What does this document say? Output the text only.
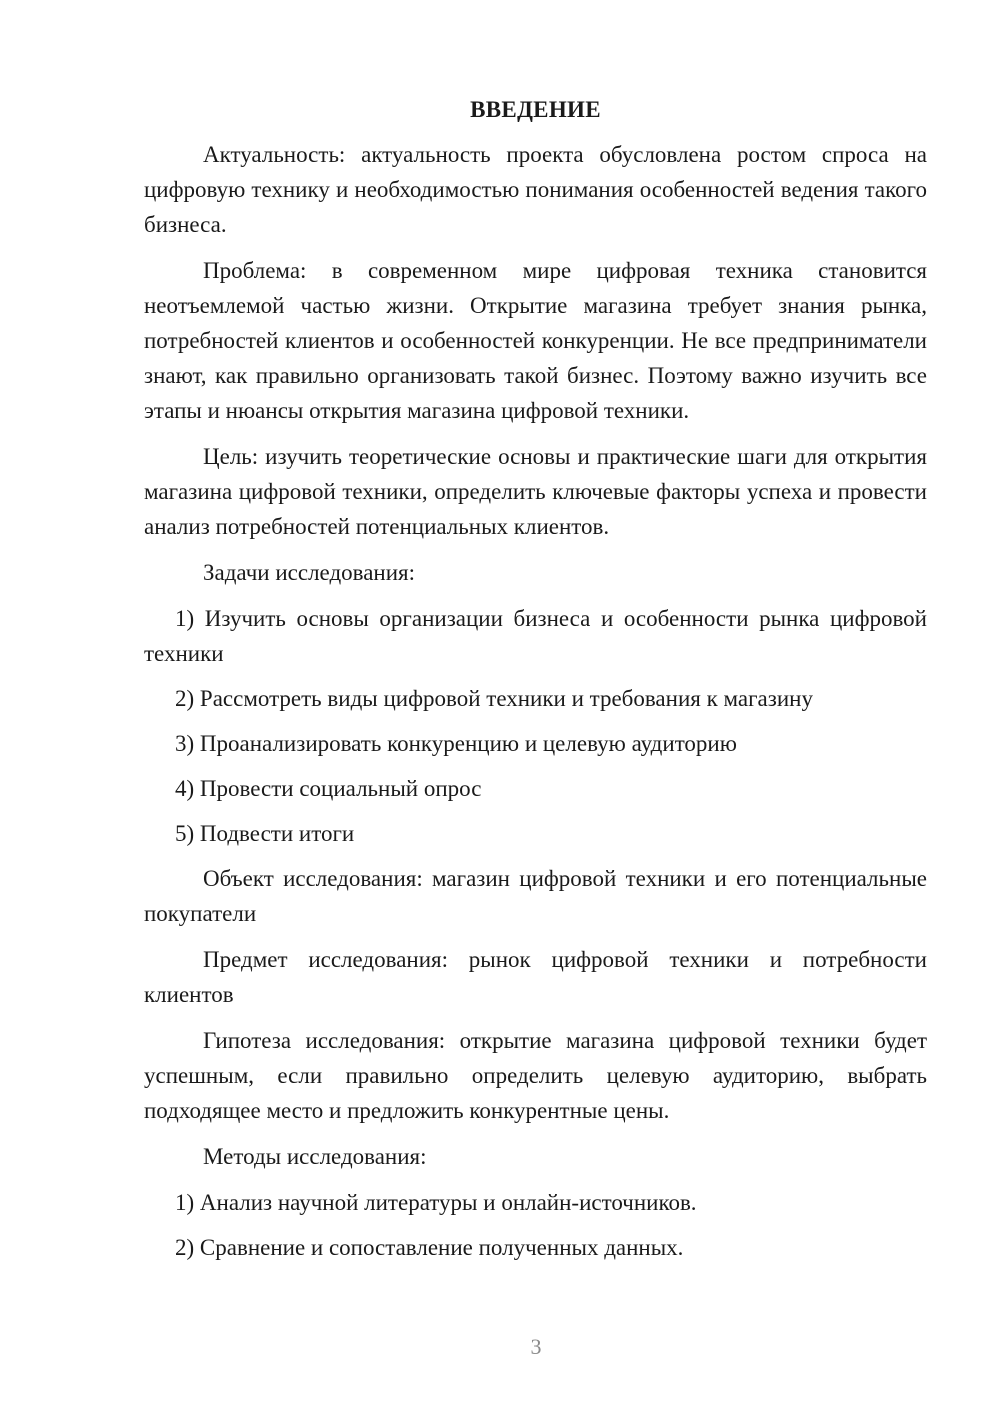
ВВЕДЕНИЕ

Актуальность: актуальность проекта обусловлена ростом спроса на цифровую технику и необходимостью понимания особенностей ведения такого бизнеса.

Проблема: в современном мире цифровая техника становится неотъемлемой частью жизни. Открытие магазина требует знания рынка, потребностей клиентов и особенностей конкуренции. Не все предприниматели знают, как правильно организовать такой бизнес. Поэтому важно изучить все этапы и нюансы открытия магазина цифровой техники.

Цель: изучить теоретические основы и практические шаги для открытия магазина цифровой техники, определить ключевые факторы успеха и провести анализ потребностей потенциальных клиентов.

Задачи исследования:

1) Изучить основы организации бизнеса и особенности рынка цифровой техники

2) Рассмотреть виды цифровой техники и требования к магазину

3) Проанализировать конкуренцию и целевую аудиторию

4) Провести социальный опрос

5) Подвести итоги

Объект исследования: магазин цифровой техники и его потенциальные покупатели

Предмет исследования: рынок цифровой техники и потребности клиентов

Гипотеза исследования: открытие магазина цифровой техники будет успешным, если правильно определить целевую аудиторию, выбрать подходящее место и предложить конкурентные цены.

Методы исследования:

1) Анализ научной литературы и онлайн-источников.

2) Сравнение и сопоставление полученных данных.

3
